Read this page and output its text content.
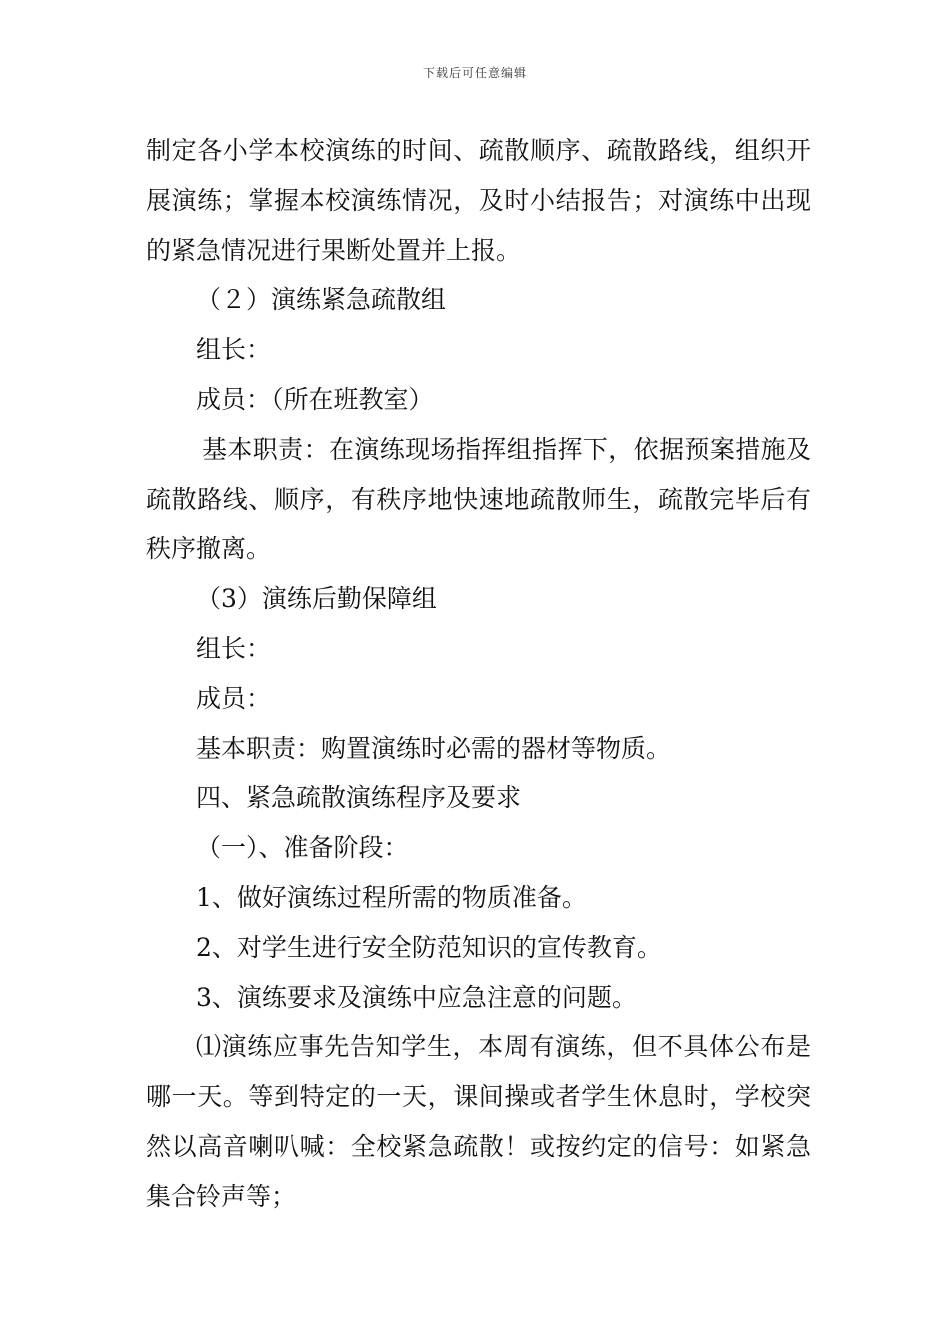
下载后可任意编辑

制定各小学本校演练的时间、疏散顺序、疏散路线，组织开展演练；掌握本校演练情况，及时小结报告；对演练中出现的紧急情况进行果断处置并上报。

（２）演练紧急疏散组

组长：

成员：（所在班教室）

基本职责：在演练现场指挥组指挥下，依据预案措施及疏散路线、顺序，有秩序地快速地疏散师生，疏散完毕后有秩序撤离。

（3）演练后勤保障组

组长：

成员：

基本职责：购置演练时必需的器材等物质。

四、紧急疏散演练程序及要求

（一）、准备阶段：

1、做好演练过程所需的物质准备。

2、对学生进行安全防范知识的宣传教育。

3、演练要求及演练中应急注意的问题。

⑴演练应事先告知学生，本周有演练，但不具体公布是哪一天。等到特定的一天，课间操或者学生休息时，学校突然以高音喇叭喊：全校紧急疏散！或按约定的信号：如紧急集合铃声等；
